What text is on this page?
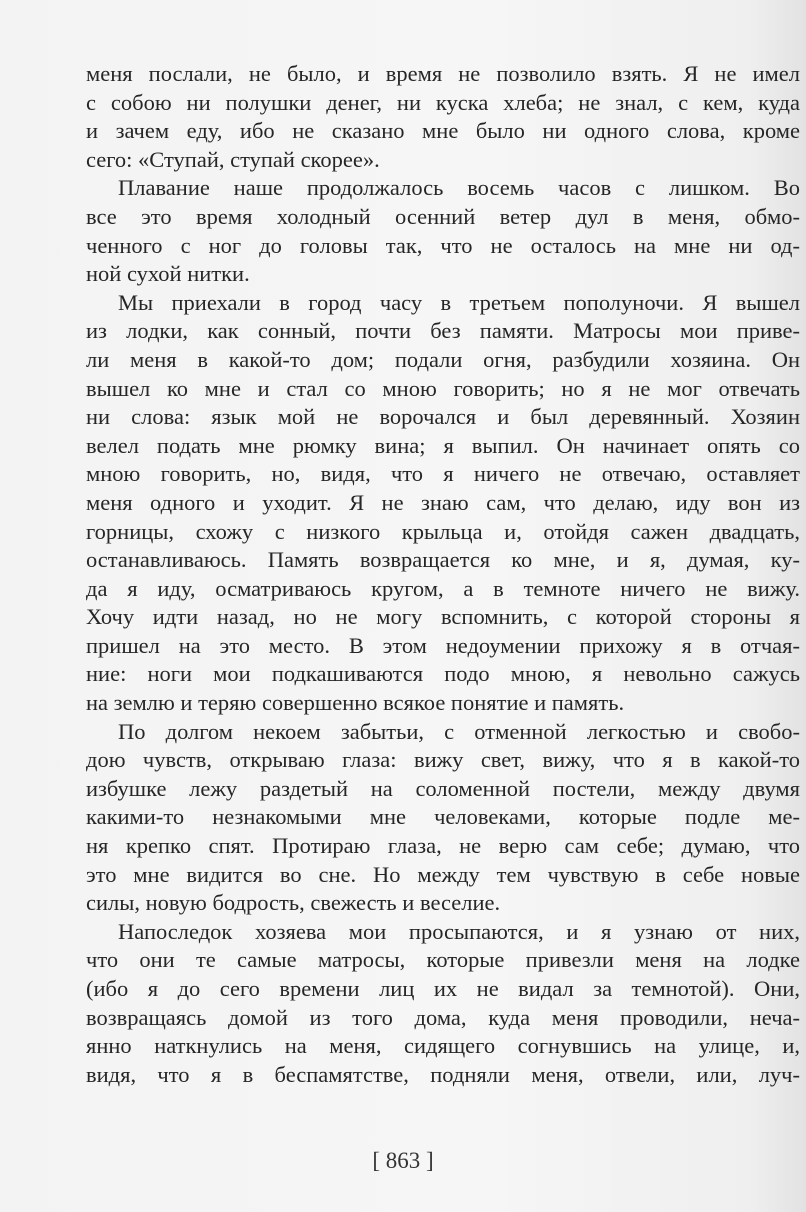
меня послали, не было, и время не позволило взять. Я не имел
с собою ни полушки денег, ни куска хлеба; не знал, с кем, куда
и зачем еду, ибо не сказано мне было ни одного слова, кроме
сего: «Ступай, ступай скорее».
Плавание наше продолжалось восемь часов с лишком. Во
все это время холодный осенний ветер дул в меня, обмо-
ченного с ног до головы так, что не осталось на мне ни од-
ной сухой нитки.
Мы приехали в город часу в третьем пополуночи. Я вышел
из лодки, как сонный, почти без памяти. Матросы мои приве-
ли меня в какой-то дом; подали огня, разбудили хозяина. Он
вышел ко мне и стал со мною говорить; но я не мог отвечать
ни слова: язык мой не ворочался и был деревянный. Хозяин
велел подать мне рюмку вина; я выпил. Он начинает опять со
мною говорить, но, видя, что я ничего не отвечаю, оставляет
меня одного и уходит. Я не знаю сам, что делаю, иду вон из
горницы, схожу с низкого крыльца и, отойдя сажен двадцать,
останавливаюсь. Память возвращается ко мне, и я, думая, ку-
да я иду, осматриваюсь кругом, а в темноте ничего не вижу.
Хочу идти назад, но не могу вспомнить, с которой стороны я
пришел на это место. В этом недоумении прихожу я в отчая-
ние: ноги мои подкашиваются подо мною, я невольно сажусь
на землю и теряю совершенно всякое понятие и память.
По долгом некоем забытьи, с отменной легкостью и свобо-
дою чувств, открываю глаза: вижу свет, вижу, что я в какой-то
избушке лежу раздетый на соломенной постели, между двумя
какими-то незнакомыми мне человеками, которые подле ме-
ня крепко спят. Протираю глаза, не верю сам себе; думаю, что
это мне видится во сне. Но между тем чувствую в себе новые
силы, новую бодрость, свежесть и веселие.
Напоследок хозяева мои просыпаются, и я узнаю от них,
что они те самые матросы, которые привезли меня на лодке
(ибо я до сего времени лиц их не видал за темнотой). Они,
возвращаясь домой из того дома, куда меня проводили, неча-
янно наткнулись на меня, сидящего согнувшись на улице, и,
видя, что я в беспамятстве, подняли меня, отвели, или, луч-
[ 863 ]
